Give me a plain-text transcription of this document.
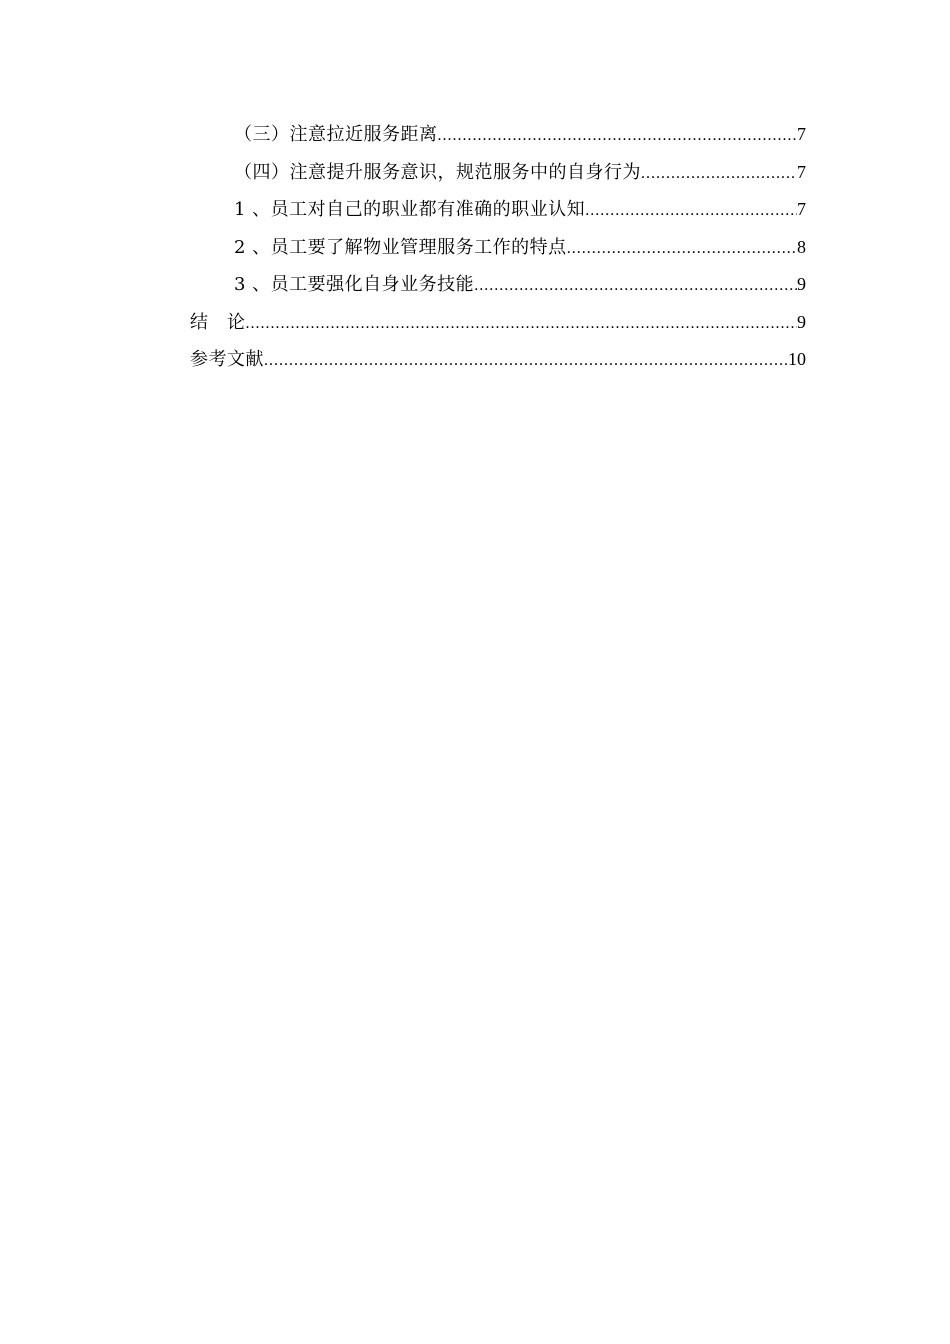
（三）注意拉近服务距离 .....	7
（四）注意提升服务意识，规范服务中的自身行为 .....	7
1 、员工对自己的职业都有准确的职业认知 .....	7
2 、员工要了解物业管理服务工作的特点 .....	8
3 、员工要强化自身业务技能 .....	9
结　论 .....	9
参考文献 .....	10
